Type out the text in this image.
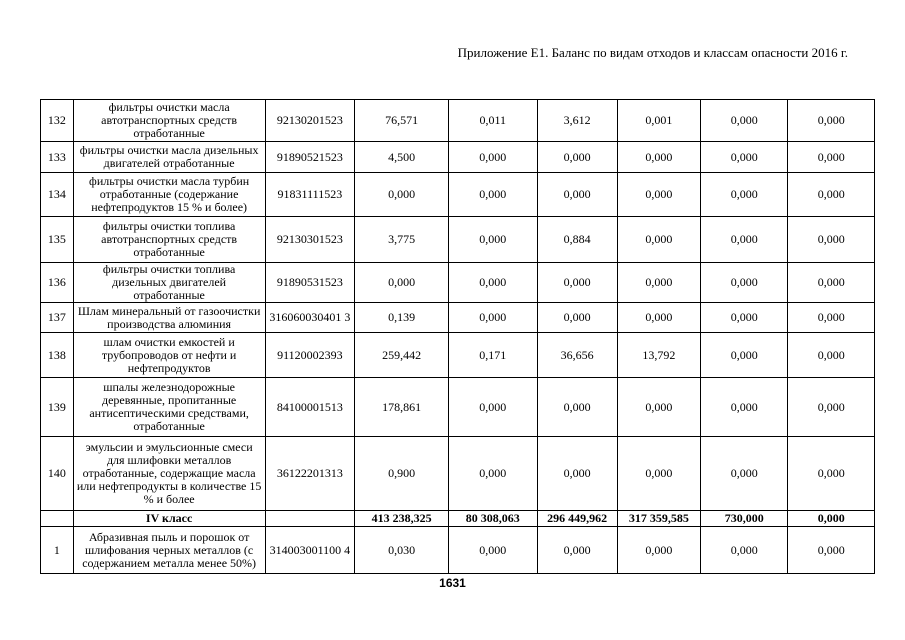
Приложение Е1. Баланс по видам отходов и классам опасности 2016 г.
132	фильтры очистки масла автотранспортных средств отработанные	92130201523	76,571	0,011	3,612	0,001	0,000	0,000
133	фильтры очистки масла дизельных двигателей отработанные	91890521523	4,500	0,000	0,000	0,000	0,000	0,000
134	фильтры очистки масла турбин отработанные (содержание нефтепродуктов 15 % и более)	91831111523	0,000	0,000	0,000	0,000	0,000	0,000
135	фильтры очистки топлива автотранспортных средств отработанные	92130301523	3,775	0,000	0,884	0,000	0,000	0,000
136	фильтры очистки топлива дизельных двигателей отработанные	91890531523	0,000	0,000	0,000	0,000	0,000	0,000
137	Шлам минеральный от газоочистки производства алюминия	316060030401 3	0,139	0,000	0,000	0,000	0,000	0,000
138	шлам очистки емкостей и трубопроводов от нефти и нефтепродуктов	91120002393	259,442	0,171	36,656	13,792	0,000	0,000
139	шпалы железнодорожные деревянные, пропитанные антисептическими средствами, отработанные	84100001513	178,861	0,000	0,000	0,000	0,000	0,000
140	эмульсии и эмульсионные смеси для шлифовки металлов отработанные, содержащие масла или нефтепродукты в количестве 15 % и более	36122201313	0,900	0,000	0,000	0,000	0,000	0,000
	IV класс		413 238,325	80 308,063	296 449,962	317 359,585	730,000	0,000
1	Абразивная пыль и порошок от шлифования черных металлов (с содержанием металла менее 50%)	314003001100 4	0,030	0,000	0,000	0,000	0,000	0,000
1631
